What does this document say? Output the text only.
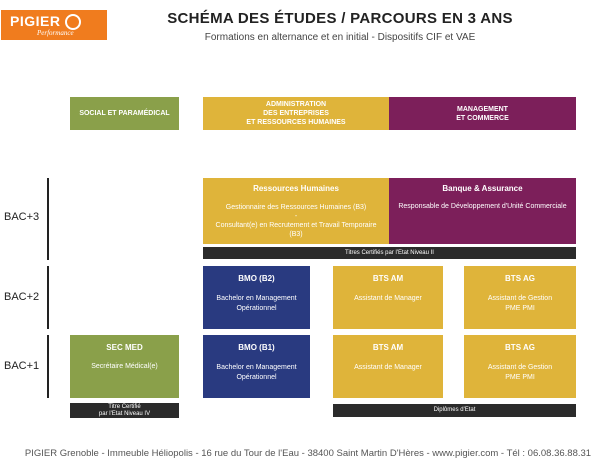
PIGIER
Performance
SCHÉMA DES ÉTUDES / PARCOURS EN 3 ANS
Formations en alternance et en initial - Dispositifs CIF et VAE
SOCIAL ET PARAMÉDICAL
ADMINISTRATION
DES ENTREPRISES
ET RESSOURCES HUMAINES
MANAGEMENT
ET COMMERCE
BAC+3
BAC+2
BAC+1
Ressources Humaines
Gestionnaire des Ressources Humaines (B3)
-
Consultant(e) en Recrutement et Travail Temporaire (B3)
Banque & Assurance
Responsable de Développement d'Unité Commerciale
Titres Certifiés par l'Etat Niveau II
BMO (B2)
Bachelor en Management
Opérationnel
BTS AM
Assistant de Manager
BTS AG
Assistant de Gestion
PME PMI
SEC MED
Secrétaire Médical(e)
BMO (B1)
Bachelor en Management
Opérationnel
BTS AM
Assistant de Manager
BTS AG
Assistant de Gestion
PME PMI
Titre Certifié
par l'Etat Niveau IV
Diplômes d'Etat
PIGIER Grenoble - Immeuble Héliopolis - 16 rue du Tour de l'Eau - 38400 Saint Martin D'Hères - www.pigier.com - Tél : 06.08.36.88.31
